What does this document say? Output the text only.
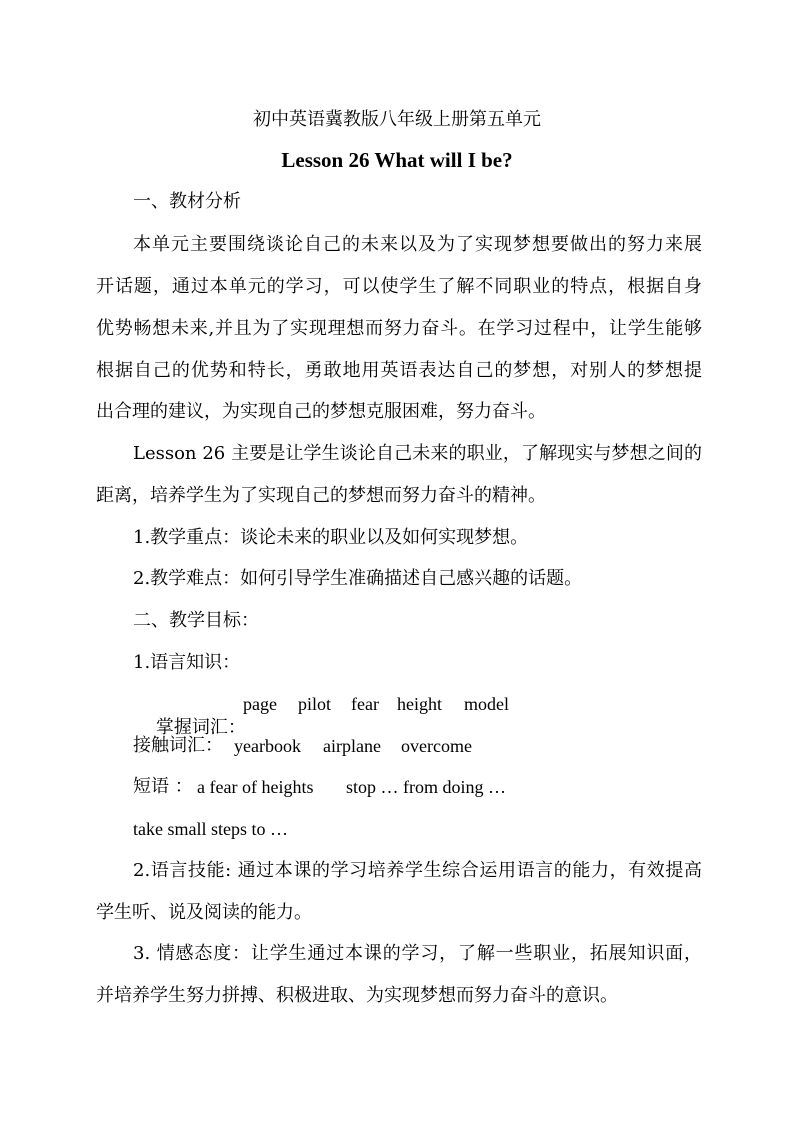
初中英语冀教版八年级上册第五单元
Lesson 26 What will I be?
一、教材分析
本单元主要围绕谈论自己的未来以及为了实现梦想要做出的努力来展
开话题，通过本单元的学习，可以使学生了解不同职业的特点，根据自身
优势畅想未来,并且为了实现理想而努力奋斗。在学习过程中，让学生能够
根据自己的优势和特长，勇敢地用英语表达自己的梦想，对别人的梦想提
出合理的建议，为实现自己的梦想克服困难，努力奋斗。
Lesson 26 主要是让学生谈论自己未来的职业，了解现实与梦想之间的
距离，培养学生为了实现自己的梦想而努力奋斗的精神。
1.教学重点：谈论未来的职业以及如何实现梦想。
2.教学难点：如何引导学生准确描述自己感兴趣的话题。
二、教学目标：
1.语言知识：

掌握词汇：

page pilot fear height model
接触词汇： yearbook airplane overcome
短语 ： a fear of heights stop … from doing …
take small steps to …
2.语言技能: 通过本课的学习培养学生综合运用语言的能力，有效提高
学生听、说及阅读的能力。
3. 情感态度：让学生通过本课的学习，了解一些职业，拓展知识面，
并培养学生努力拼搏、积极进取、为实现梦想而努力奋斗的意识。
